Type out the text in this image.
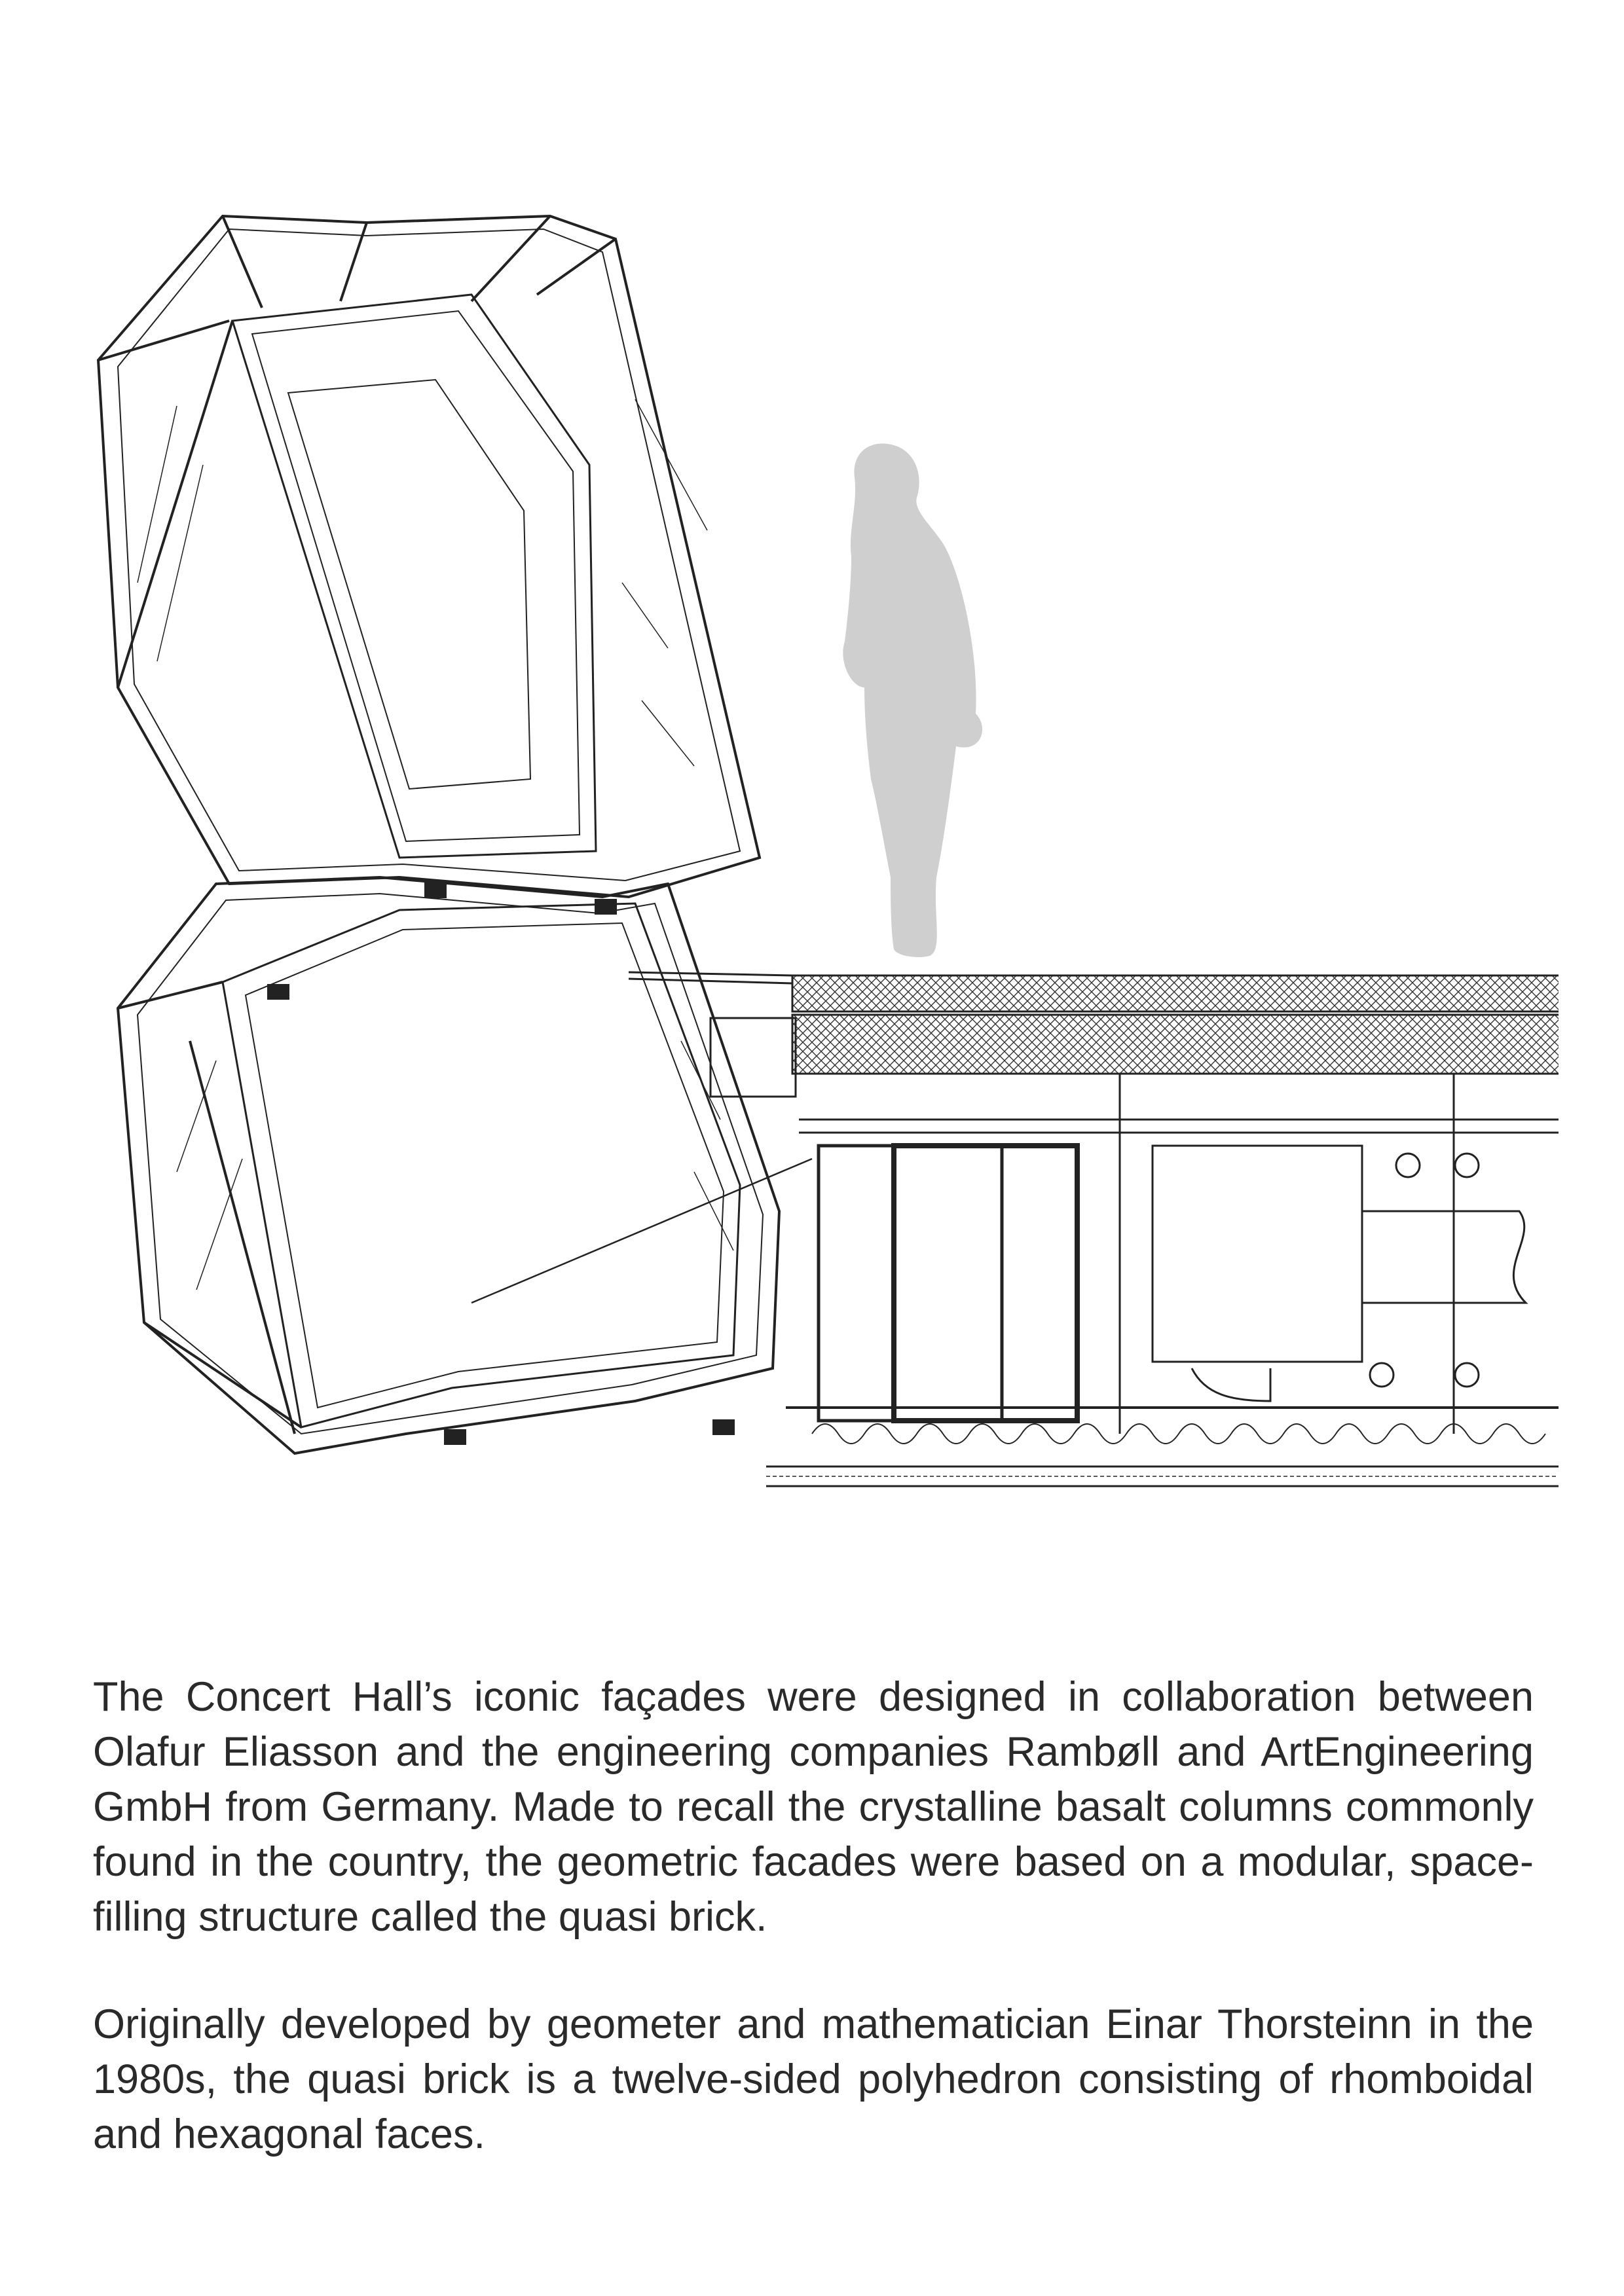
The Concert Hall’s iconic façades were designed in collaboration between Olafur Eliasson and the engineering companies Rambøll and ArtEngineering GmbH from Germany. Made to recall the crystalline basalt columns commonly found in the country, the geometric facades were based on a modular, space-filling structure called the quasi brick.

Originally developed by geometer and mathematician Einar Thorsteinn in the 1980s, the quasi brick is a twelve-sided polyhedron consisting of rhomboidal and hexagonal faces.
